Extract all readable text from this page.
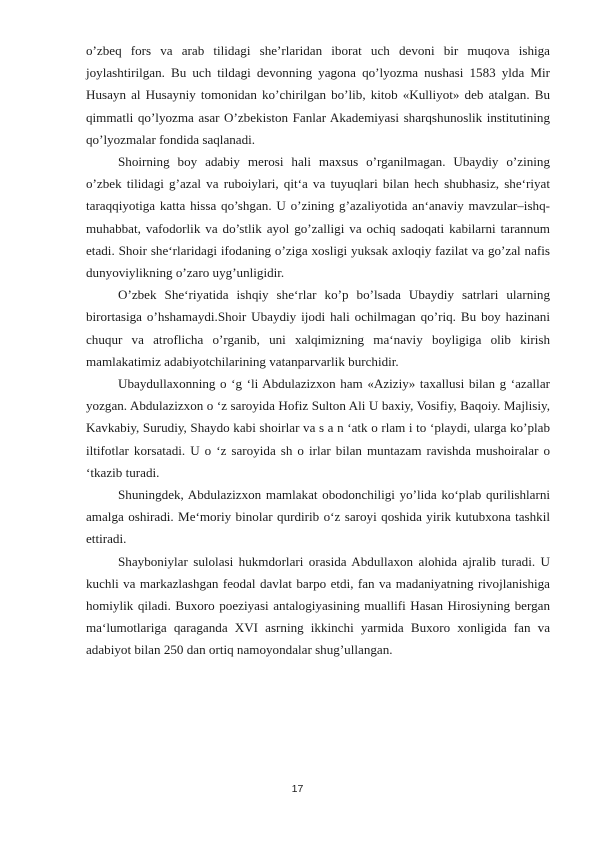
o’zbeq fors va arab tilidagi she’rlaridan iborat uch devoni bir muqova ishiga joylashtirilgan. Bu uch tildagi devonning yagona qo’lyozma nushasi 1583 ylda Mir Husayn al Husayniy tomonidan ko’chirilgan bo’lib, kitob «Kulliyot» deb atalgan. Bu qimmatli qo’lyozma asar O’zbekiston Fanlar Akademiyasi sharqshunoslik institutining qo’lyozmalar fondida saqlanadi.

Shoirning boy adabiy merosi hali maxsus o’rganilmagan. Ubaydiy o’zining o’zbek tilidagi g’azal va ruboiylari, qit‘a va tuyuqlari bilan hech shubhasiz, she‘riyat taraqqiyotiga katta hissa qo’shgan. U o’zining g’azaliyotida an‘anaviy mavzular–ishq-muhabbat, vafodorlik va do’stlik ayol go’zalligi va ochiq sadoqati kabilarni tarannum etadi. Shoir she‘rlaridagi ifodaning o’ziga xosligi yuksak axloqiy fazilat va go’zal nafis dunyoviylikning o’zaro uyg’unligidir.

O’zbek She‘riyatida ishqiy she‘rlar ko’p bo’lsada Ubaydiy satrlari ularning birortasiga o’hshamaydi.Shoir Ubaydiy ijodi hali ochilmagan qo’riq. Bu boy hazinani chuqur va atroflicha o’rganib, uni xalqimizning ma‘naviy boyligiga olib kirish mamlakatimiz adabiyotchilarining vatanparvarlik burchidir.

Ubaydullaxonning o ‘g ‘li Abdulazizxon ham «Aziziy» taxallusi bilan g ‘azallar yozgan. Abdulazizxon o ‘z saroyida Hofiz Sulton Ali U baxiy, Vosifiy, Baqoiy. Majlisiy, Kavkabiy, Surudiy, Shaydo kabi shoirlar va s a n ‘atk o rlam i to ‘playdi, ularga ko’plab iltifotlar korsatadi. U o ‘z saroyida sh o irlar bilan muntazam ravishda mushoiralar o ‘tkazib turadi.

Shuningdek, Abdulazizxon mamlakat obodonchiligi yo’lida ko‘plab qurilishlarni amalga oshiradi. Me‘moriy binolar qurdirib o‘z saroyi qoshida yirik kutubxona tashkil ettiradi.

Shayboniylar sulolasi hukmdorlari orasida Abdullaxon alohida ajralib turadi. U kuchli va markazlashgan feodal davlat barpo etdi, fan va madaniyatning rivojlanishiga homiylik qiladi. Buxoro poeziyasi antalogiyasining muallifi Hasan Hirosiyning bergan ma‘lumotlariga qaraganda XVI asrning ikkinchi yarmida Buxoro xonligida fan va adabiyot bilan 250 dan ortiq namoyondalar shug’ullangan.

17
